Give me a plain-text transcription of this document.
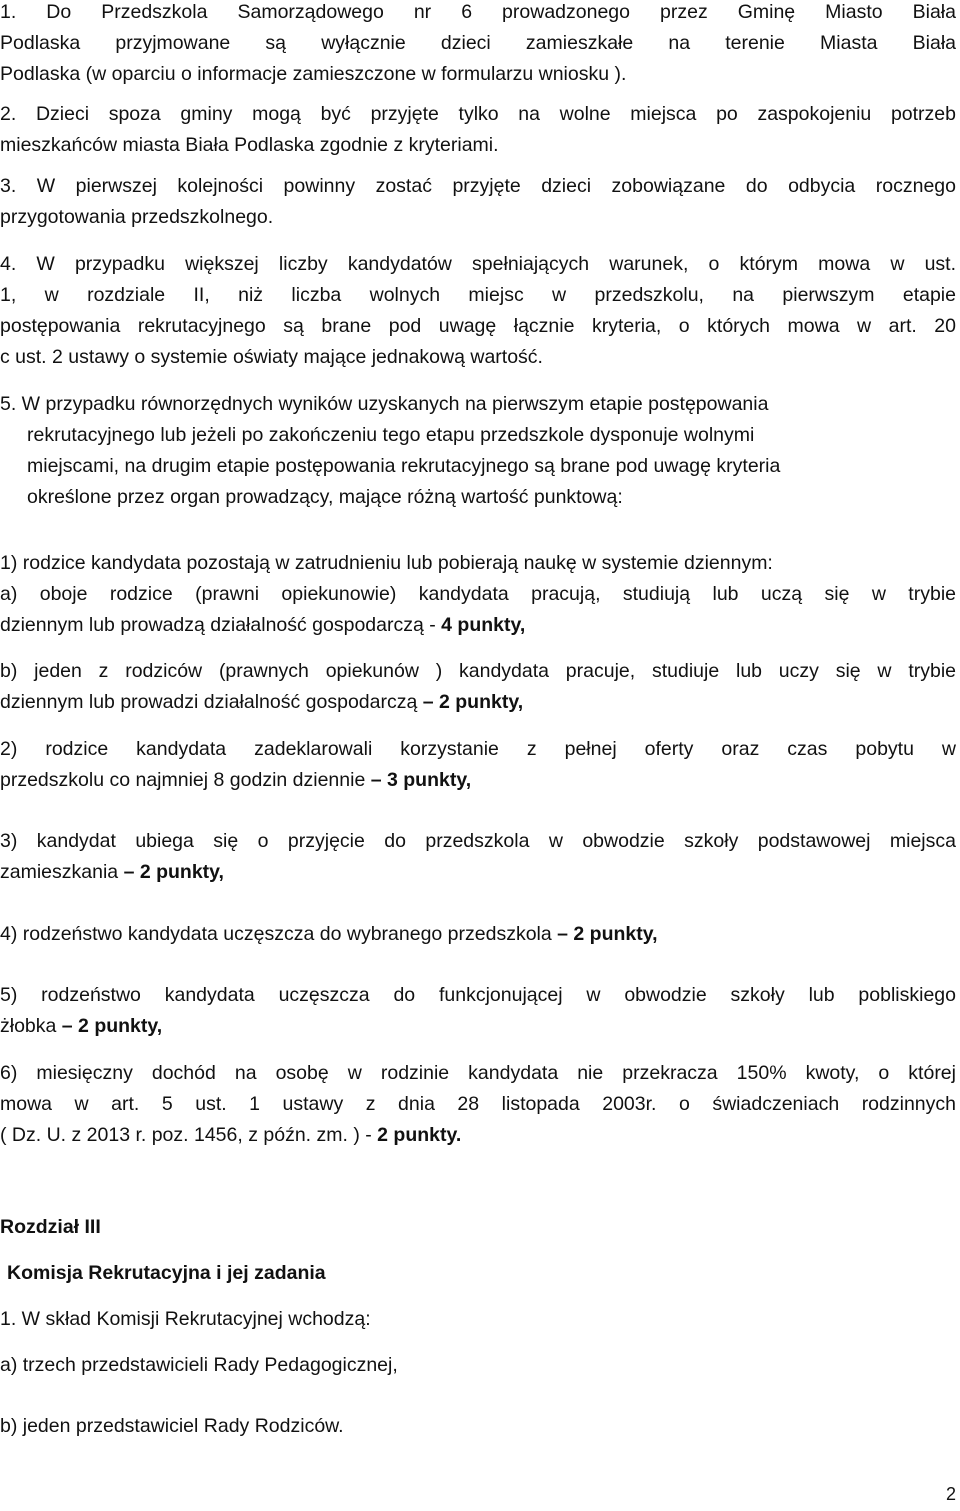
1. Do Przedszkola Samorządowego nr 6 prowadzonego przez Gminę Miasto Biała
Podlaska przyjmowane są wyłącznie dzieci zamieszkałe na terenie Miasta Biała
Podlaska (w oparciu o informacje zamieszczone w formularzu wniosku ).
2. Dzieci spoza gminy mogą być przyjęte tylko na wolne miejsca po zaspokojeniu potrzeb
mieszkańców miasta Biała Podlaska zgodnie z kryteriami.
3. W pierwszej kolejności powinny zostać przyjęte dzieci zobowiązane do odbycia rocznego
przygotowania przedszkolnego.
4. W przypadku większej liczby kandydatów spełniających warunek, o którym mowa w ust.
1, w rozdziale II, niż liczba wolnych miejsc w przedszkolu, na pierwszym etapie
postępowania rekrutacyjnego są brane pod uwagę łącznie kryteria, o których mowa w art. 20
c ust. 2 ustawy o systemie oświaty mające jednakową wartość.
5. W przypadku równorzędnych wyników uzyskanych na pierwszym etapie postępowania
rekrutacyjnego lub jeżeli po zakończeniu tego etapu przedszkole dysponuje wolnymi
miejscami, na drugim etapie postępowania rekrutacyjnego są brane pod uwagę kryteria
określone przez organ prowadzący, mające różną wartość punktową:
1) rodzice kandydata pozostają w zatrudnieniu lub pobierają naukę w systemie dziennym:
a) oboje rodzice (prawni opiekunowie) kandydata pracują, studiują lub uczą się w trybie
dziennym lub prowadzą działalność gospodarczą - 4 punkty,
b) jeden z rodziców (prawnych opiekunów ) kandydata pracuje, studiuje lub uczy się w trybie
dziennym lub prowadzi działalność gospodarczą – 2 punkty,
2) rodzice kandydata zadeklarowali korzystanie z pełnej oferty oraz czas pobytu w
przedszkolu co najmniej 8 godzin dziennie – 3 punkty,
3) kandydat ubiega się o przyjęcie do przedszkola w obwodzie szkoły podstawowej miejsca
zamieszkania – 2 punkty,
4) rodzeństwo kandydata uczęszcza do wybranego przedszkola – 2 punkty,
5) rodzeństwo kandydata uczęszcza do funkcjonującej w obwodzie szkoły lub pobliskiego
żłobka – 2 punkty,
6) miesięczny dochód na osobę w rodzinie kandydata nie przekracza 150% kwoty, o której
mowa w art. 5 ust. 1 ustawy z dnia 28 listopada 2003r. o świadczeniach rodzinnych
( Dz. U. z 2013 r. poz. 1456, z późn. zm. ) - 2 punkty.
Rozdział III
Komisja Rekrutacyjna i jej zadania
1. W skład Komisji Rekrutacyjnej wchodzą:
a) trzech przedstawicieli Rady Pedagogicznej,
b) jeden przedstawiciel Rady Rodziców.
2
